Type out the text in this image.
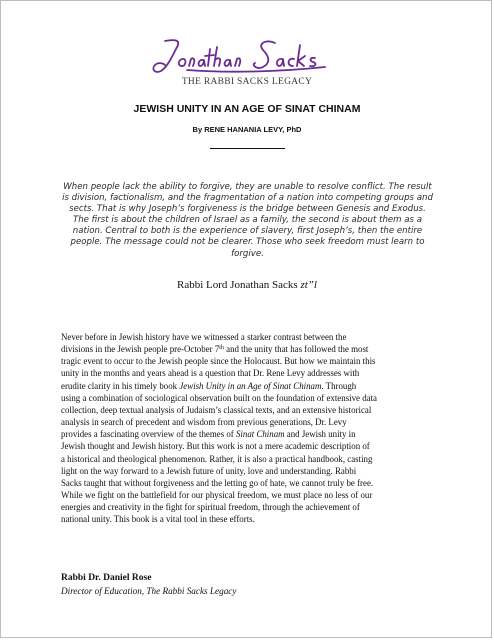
THE RABBI SACKS LEGACY
JEWISH UNITY IN AN AGE OF SINAT CHINAM
By RENE HANANIA LEVY, PhD
When people lack the ability to forgive, they are unable to resolve conflict. The result is division, factionalism, and the fragmentation of a nation into competing groups and sects. That is why Joseph’s forgiveness is the bridge between Genesis and Exodus. The first is about the children of Israel as a family, the second is about them as a nation. Central to both is the experience of slavery, first Joseph’s, then the entire people. The message could not be clearer. Those who seek freedom must learn to forgive.
Rabbi Lord Jonathan Sacks zt”l

Never before in Jewish history have we witnessed a starker contrast between the

divisions in the Jewish people pre-October 7th and the unity that has followed the most

tragic event to occur to the Jewish people since the Holocaust. But how we maintain this

unity in the months and years ahead is a question that Dr. Rene Levy addresses with

erudite clarity in his timely book Jewish Unity in an Age of Sinat Chinam. Through

using a combination of sociological observation built on the foundation of extensive data

collection, deep textual analysis of Judaism’s classical texts, and an extensive historical

analysis in search of precedent and wisdom from previous generations, Dr. Levy

provides a fascinating overview of the themes of Sinat Chinam and Jewish unity in

Jewish thought and Jewish history. But this work is not a mere academic description of

a historical and theological phenomenon. Rather, it is also a practical handbook, casting

light on the way forward to a Jewish future of unity, love and understanding. Rabbi

Sacks taught that without forgiveness and the letting go of hate, we cannot truly be free.

While we fight on the battlefield for our physical freedom, we must place no less of our

energies and creativity in the fight for spiritual freedom, through the achievement of

national unity. This book is a vital tool in these efforts.

Rabbi Dr. Daniel Rose
Director of Education, The Rabbi Sacks Legacy
